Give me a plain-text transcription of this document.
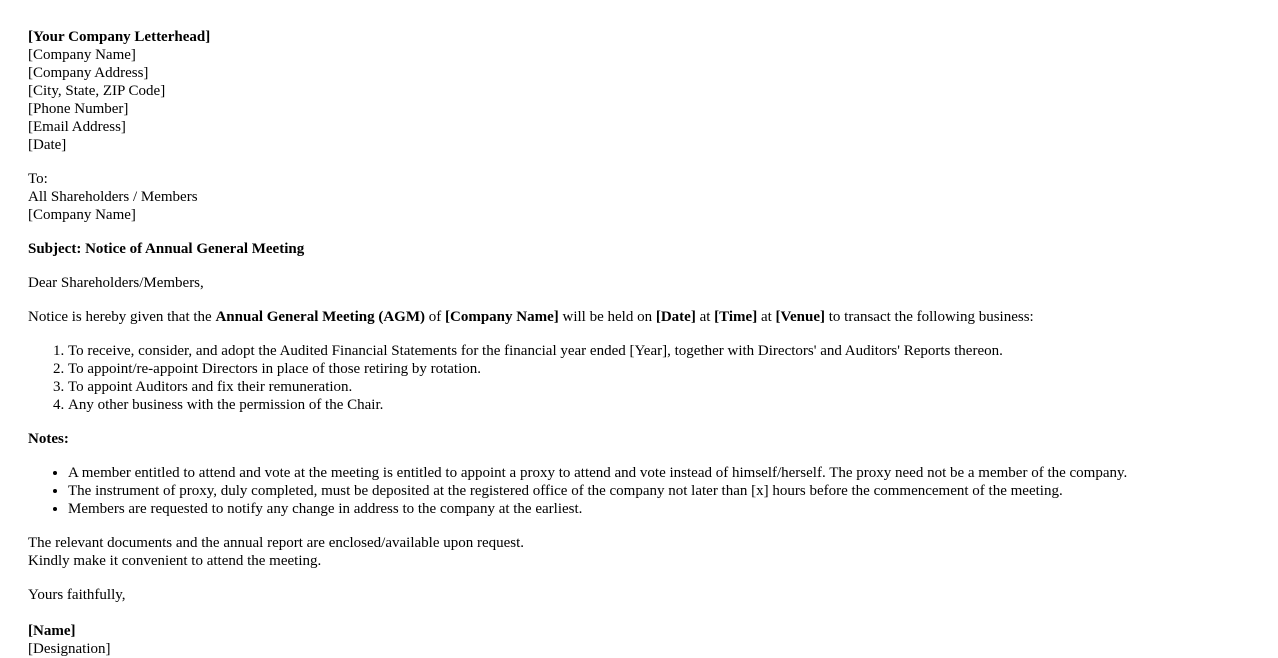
[Your Company Letterhead]
[Company Name]
[Company Address]
[City, State, ZIP Code]
[Phone Number]
[Email Address]
[Date]
To:
All Shareholders / Members
[Company Name]
Subject: Notice of Annual General Meeting
Dear Shareholders/Members,
Notice is hereby given that the Annual General Meeting (AGM) of [Company Name] will be held on [Date] at [Time] at [Venue] to transact the following business:
1. To receive, consider, and adopt the Audited Financial Statements for the financial year ended [Year], together with Directors' and Auditors' Reports thereon.
2. To appoint/re-appoint Directors in place of those retiring by rotation.
3. To appoint Auditors and fix their remuneration.
4. Any other business with the permission of the Chair.
Notes:
• A member entitled to attend and vote at the meeting is entitled to appoint a proxy to attend and vote instead of himself/herself. The proxy need not be a member of the company.
• The instrument of proxy, duly completed, must be deposited at the registered office of the company not later than [x] hours before the commencement of the meeting.
• Members are requested to notify any change in address to the company at the earliest.
The relevant documents and the annual report are enclosed/available upon request.
Kindly make it convenient to attend the meeting.
Yours faithfully,
[Name]
[Designation]
